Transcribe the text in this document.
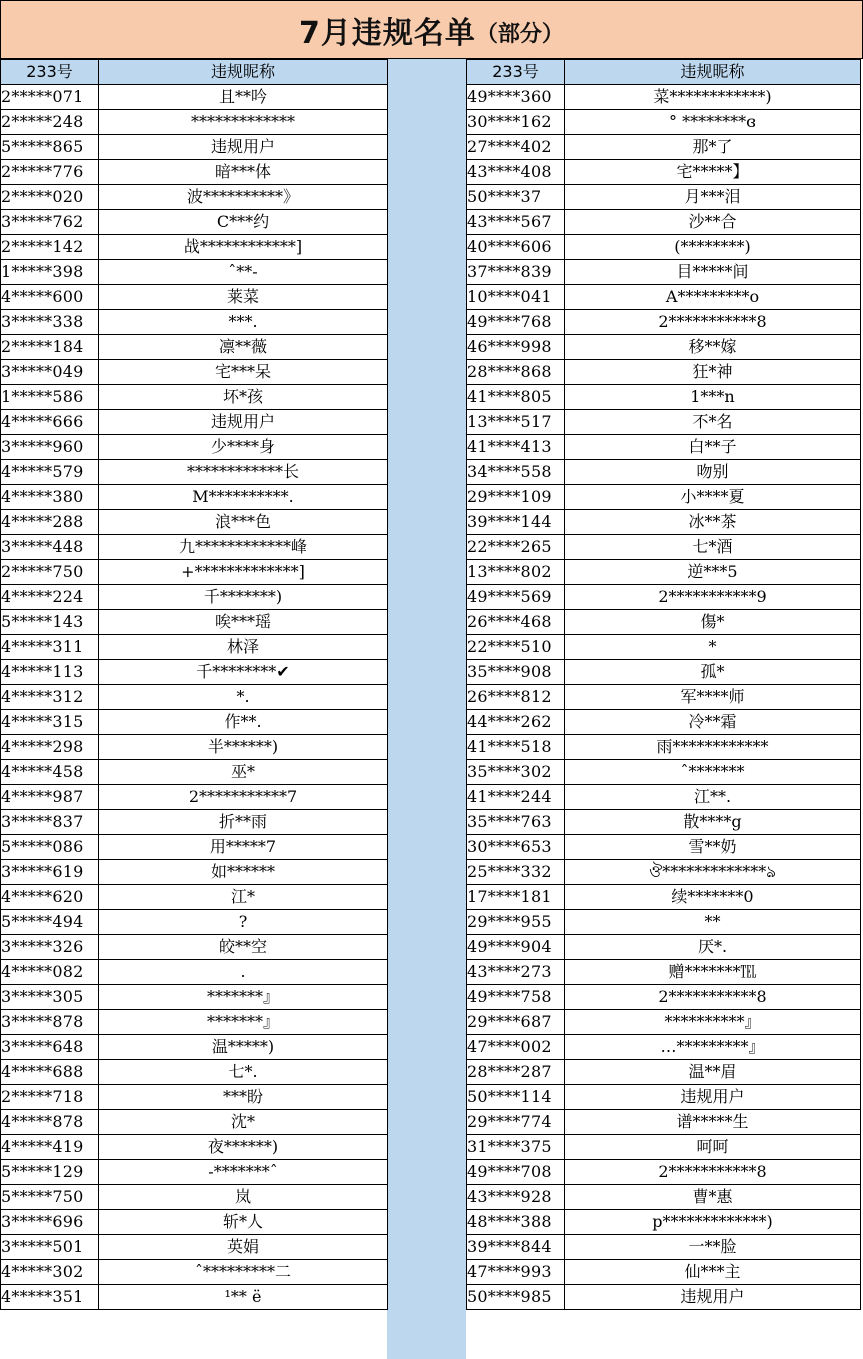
7月违规名单 （部分）
233号	违规昵称
2*****071	且**吟
2*****248	*************
5*****865	违规用户
2*****776	暗***体
2*****020	波**********》
3*****762	C***约
2*****142	战************]
1*****398	ˆ**-
4*****600	莱菜
3*****338	***.
2*****184	凛**薇
3*****049	宅***呆
1*****586	坏*孩
4*****666	违规用户
3*****960	少****身
4*****579	************长
4*****380	M**********.
4*****288	浪***色
3*****448	九************峰
2*****750	+*************]
4*****224	千*******)
5*****143	唉***瑶
4*****311	林泽
4*****113	千********✔
4*****312	*.
4*****315	作**.
4*****298	半******)
4*****458	巫*
4*****987	2***********7
3*****837	折**雨
5*****086	用*****7
3*****619	如******
4*****620	江*
5*****494	?
3*****326	皎**空
4*****082	.
3*****305	*******』
3*****878	*******』
3*****648	温*****)
4*****688	七*.
2*****718	***盼
4*****878	沈*
4*****419	夜******)
5*****129	-*******ˆ
5*****750	岚
3*****696	斩*人
3*****501	英娟
4*****302	ˆ*********二
4*****351	¹** ë
233号	违规昵称
49****360	菜************)
30****162	° ********ɞ
27****402	那*了
43****408	宅*****】
50****37	月***泪
43****567	沙**合
40****606	(********)
37****839	目*****间
10****041	A*********o
49****768	2***********8
46****998	移**嫁
28****868	狂*神
41****805	1***n
13****517	不*名
41****413	白**子
34****558	吻别
29****109	小****夏
39****144	冰**茶
22****265	七*酒
13****802	逆***5
49****569	2***********9
26****468	傷*
22****510	*
35****908	孤*
26****812	军****师
44****262	冷**霜
41****518	雨************
35****302	ˆ*******
41****244	江**.
35****763	散****g
30****653	雪**奶
25****332	ঔ*************ঌ
17****181	续*******0
29****955	**
49****904	厌*.
43****273	赠*******℡
49****758	2***********8
29****687	**********』
47****002	…*********』
28****287	温**眉
50****114	违规用户
29****774	谱*****生
31****375	呵呵
49****708	2***********8
43****928	曹*惠
48****388	p*************)
39****844	一**脸
47****993	仙***主
50****985	违规用户
